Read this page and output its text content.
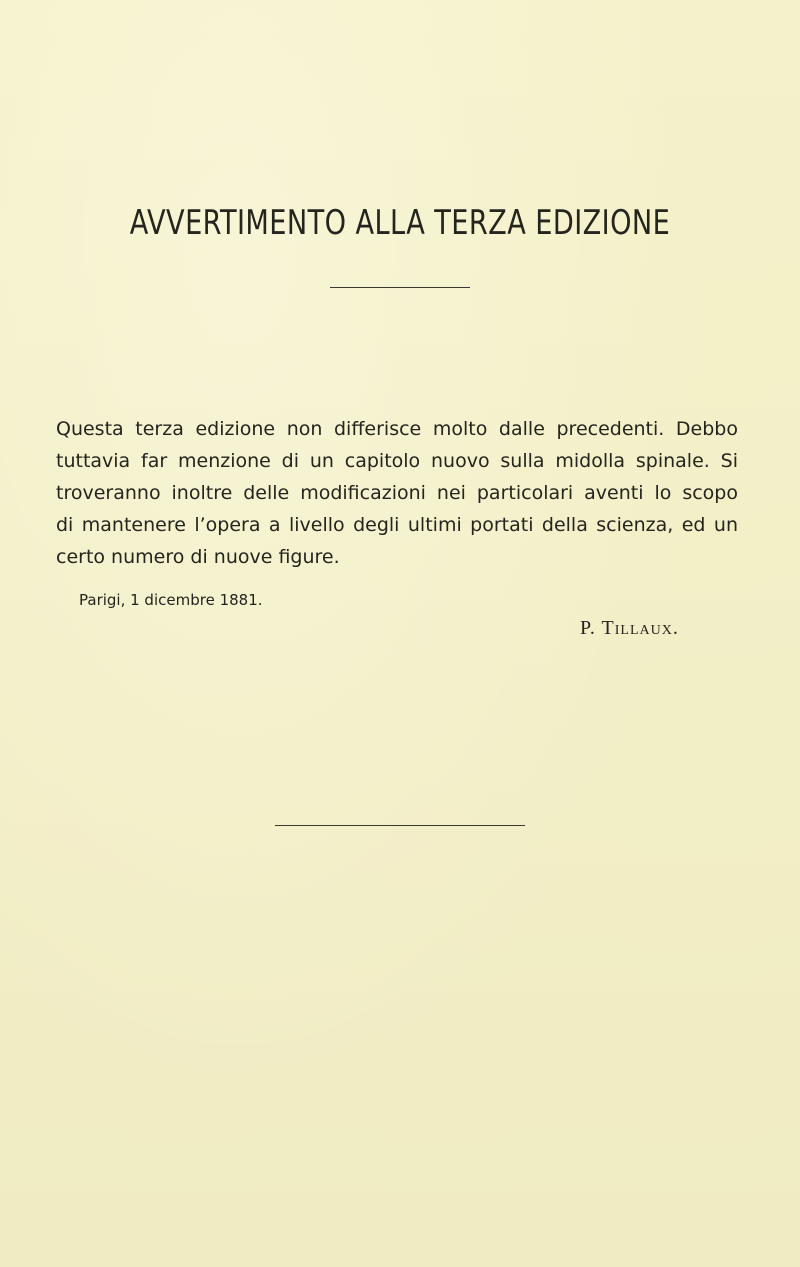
AVVERTIMENTO ALLA TERZA EDIZIONE
Questa terza edizione non differisce molto dalle precedenti. Debbo
tuttavia far menzione di un capitolo nuovo sulla midolla spinale. Si
troveranno inoltre delle modificazioni nei particolari aventi lo scopo
di mantenere l’opera a livello degli ultimi portati della scienza, ed un
certo numero di nuove figure.

Parigi, 1 dicembre 1881.

P. Tillaux.
